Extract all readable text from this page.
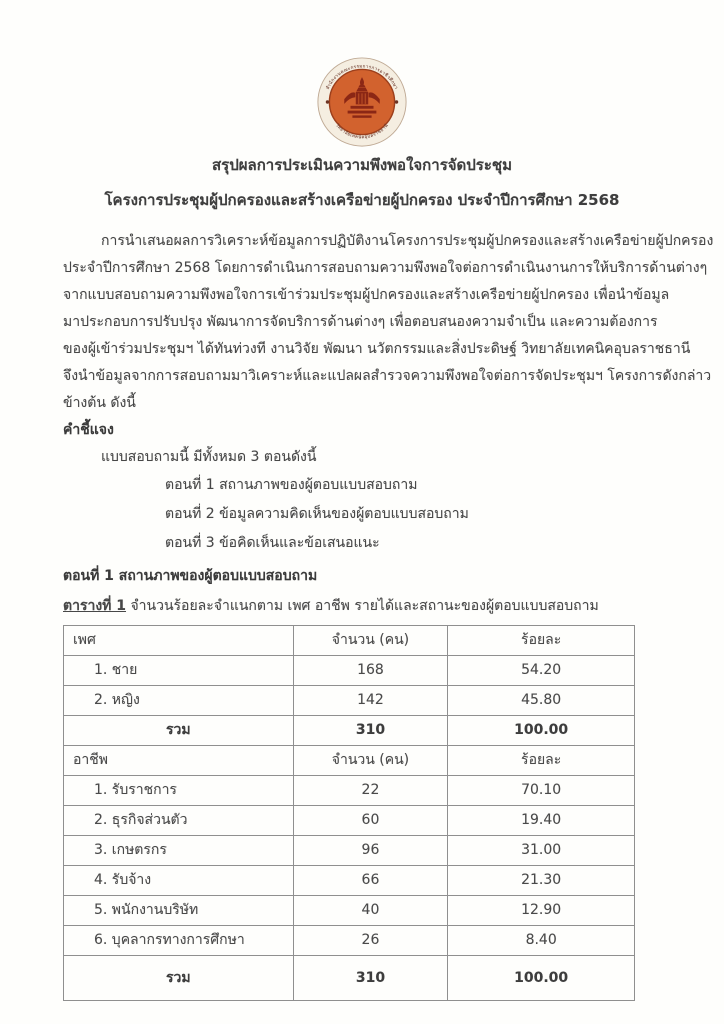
สำนักงานคณะกรรมการการอาชีวศึกษา
วิทยาลัยเทคนิคอุบลราชธานี
สรุปผลการประเมินความพึงพอใจการจัดประชุม
โครงการประชุมผู้ปกครองและสร้างเครือข่ายผู้ปกครอง ประจำปีการศึกษา 2568
การนำเสนอผลการวิเคราะห์ข้อมูลการปฏิบัติงานโครงการประชุมผู้ปกครองและสร้างเครือข่ายผู้ปกครอง
ประจำปีการศึกษา 2568 โดยการดำเนินการสอบถามความพึงพอใจต่อการดำเนินงานการให้บริการด้านต่างๆ
จากแบบสอบถามความพึงพอใจการเข้าร่วมประชุมผู้ปกครองและสร้างเครือข่ายผู้ปกครอง เพื่อนำข้อมูล
มาประกอบการปรับปรุง พัฒนาการจัดบริการด้านต่างๆ เพื่อตอบสนองความจำเป็น และความต้องการ
ของผู้เข้าร่วมประชุมฯ ได้ทันท่วงที งานวิจัย พัฒนา นวัตกรรมและสิ่งประดิษฐ์ วิทยาลัยเทคนิคอุบลราชธานี
จึงนำข้อมูลจากการสอบถามมาวิเคราะห์และแปลผลสำรวจความพึงพอใจต่อการจัดประชุมฯ โครงการดังกล่าว
ข้างต้น ดังนี้
คำชี้แจง
แบบสอบถามนี้ มีทั้งหมด 3 ตอนดังนี้
ตอนที่ 1 สถานภาพของผู้ตอบแบบสอบถาม
ตอนที่ 2 ข้อมูลความคิดเห็นของผู้ตอบแบบสอบถาม
ตอนที่ 3 ข้อคิดเห็นและข้อเสนอแนะ
ตอนที่ 1 สถานภาพของผู้ตอบแบบสอบถาม
ตารางที่ 1 จำนวนร้อยละจำแนกตาม เพศ อาชีพ รายได้และสถานะของผู้ตอบแบบสอบถาม
เพศ	จำนวน (คน)	ร้อยละ
1. ชาย	168	54.20
2. หญิง	142	45.80
รวม	310	100.00
อาชีพ	จำนวน (คน)	ร้อยละ
1. รับราชการ	22	70.10
2. ธุรกิจส่วนตัว	60	19.40
3. เกษตรกร	96	31.00
4. รับจ้าง	66	21.30
5. พนักงานบริษัท	40	12.90
6. บุคลากรทางการศึกษา	26	8.40
รวม	310	100.00
